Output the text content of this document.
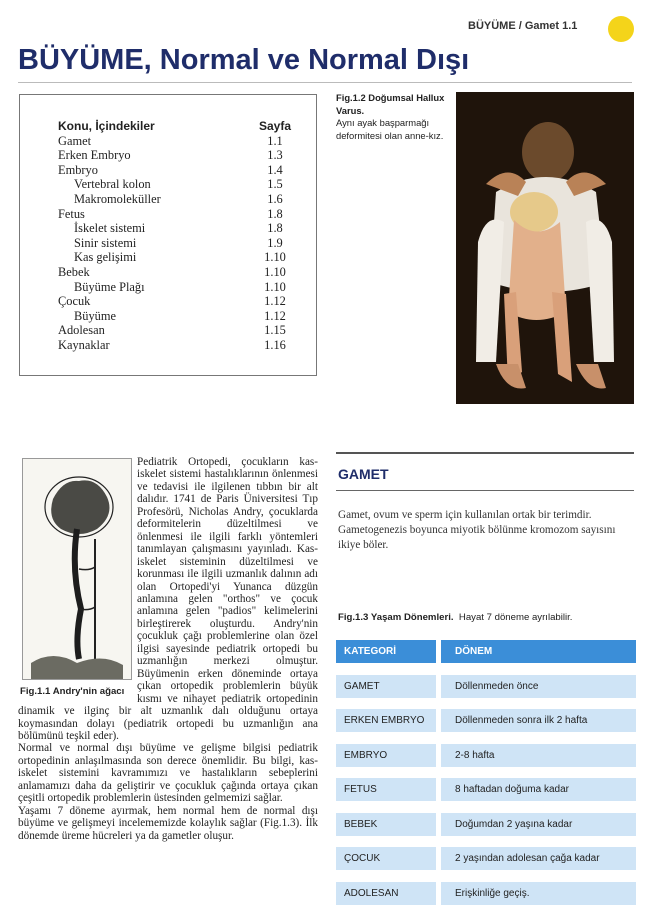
BÜYÜME / Gamet 1.1
BÜYÜME, Normal ve Normal Dışı
Konu, İçindekiler	Sayfa
Gamet	1.1
Erken Embryo	1.3
Embryo	1.4
Vertebral kolon	1.5
Makromoleküller	1.6
Fetus	1.8
İskelet sistemi	1.8
Sinir sistemi	1.9
Kas gelişimi	1.10
Bebek	1.10
Büyüme Plağı	1.10
Çocuk	1.12
Büyüme	1.12
Adolesan	1.15
Kaynaklar	1.16
Fig.1.2 Doğumsal Hallux Varus.
Aynı ayak başparmağı deformitesi olan anne-kız.
Fig.1.1 Andry'nin ağacı

Pediatrik Ortopedi, çocukların kas-iskelet sistemi hastalıklarının önlenmesi ve tedavisi ile ilgilenen tıbbın bir alt dalıdır. 1741 de Paris Üniversitesi Tıp Profesörü, Nicholas Andry, çocuklarda deformitelerin düzeltilmesi ve önlenmesi ile ilgili farklı yöntemleri tanımlayan çalışmasını yayınladı. Kas-iskelet sisteminin düzeltilmesi ve korunması ile ilgili uzmanlık dalının adı olan Ortopedi'yi Yunanca düzgün anlamına gelen "orthos" ve çocuk anlamına gelen "padios" kelimelerini birleştirerek oluşturdu. Andry'nin çocukluk çağı problemlerine olan özel ilgisi sayesinde pediatrik ortopedi bu uzmanlığın merkezi olmuştur. Büyümenin erken döneminde ortaya çıkan ortopedik problemlerin büyük kısmı ve nihayet pediatrik ortopedinin dinamik ve ilginç bir alt uzmanlık dalı olduğunu ortaya koymasından dolayı (pediatrik ortopedi bu uzmanlığın ana bölümünü teşkil eder).

Normal ve normal dışı büyüme ve gelişme bilgisi pediatrik ortopedinin anlaşılmasında son derece önemlidir. Bu bilgi, kas-iskelet sistemini kavramımızı ve hastalıkların sebeplerini anlamamızı daha da geliştirir ve çocukluk çağında ortaya çıkan çeşitli ortopedik problemlerin üstesinden gelmemizi sağlar.

Yaşamı 7 döneme ayırmak, hem normal hem de normal dışı büyüme ve gelişmeyi incelememizde kolaylık sağlar (Fig.1.3). İlk dönemde üreme hücreleri ya da gametler oluşur.

GAMET

Gamet, ovum ve sperm için kullanılan ortak bir terimdir. Gametogenezis boyunca miyotik bölünme kromozom sayısını ikiye böler.

Fig.1.3 Yaşam Dönemleri. Hayat 7 döneme ayrılabilir.
KATEGORİ	DÖNEM
GAMET	Döllenmeden önce
ERKEN EMBRYO	Döllenmeden sonra ilk 2 hafta
EMBRYO	2-8 hafta
FETUS	8 haftadan doğuma kadar
BEBEK	Doğumdan 2 yaşına kadar
ÇOCUK	2 yaşından adolesan çağa kadar
ADOLESAN	Erişkinliğe geçiş.
